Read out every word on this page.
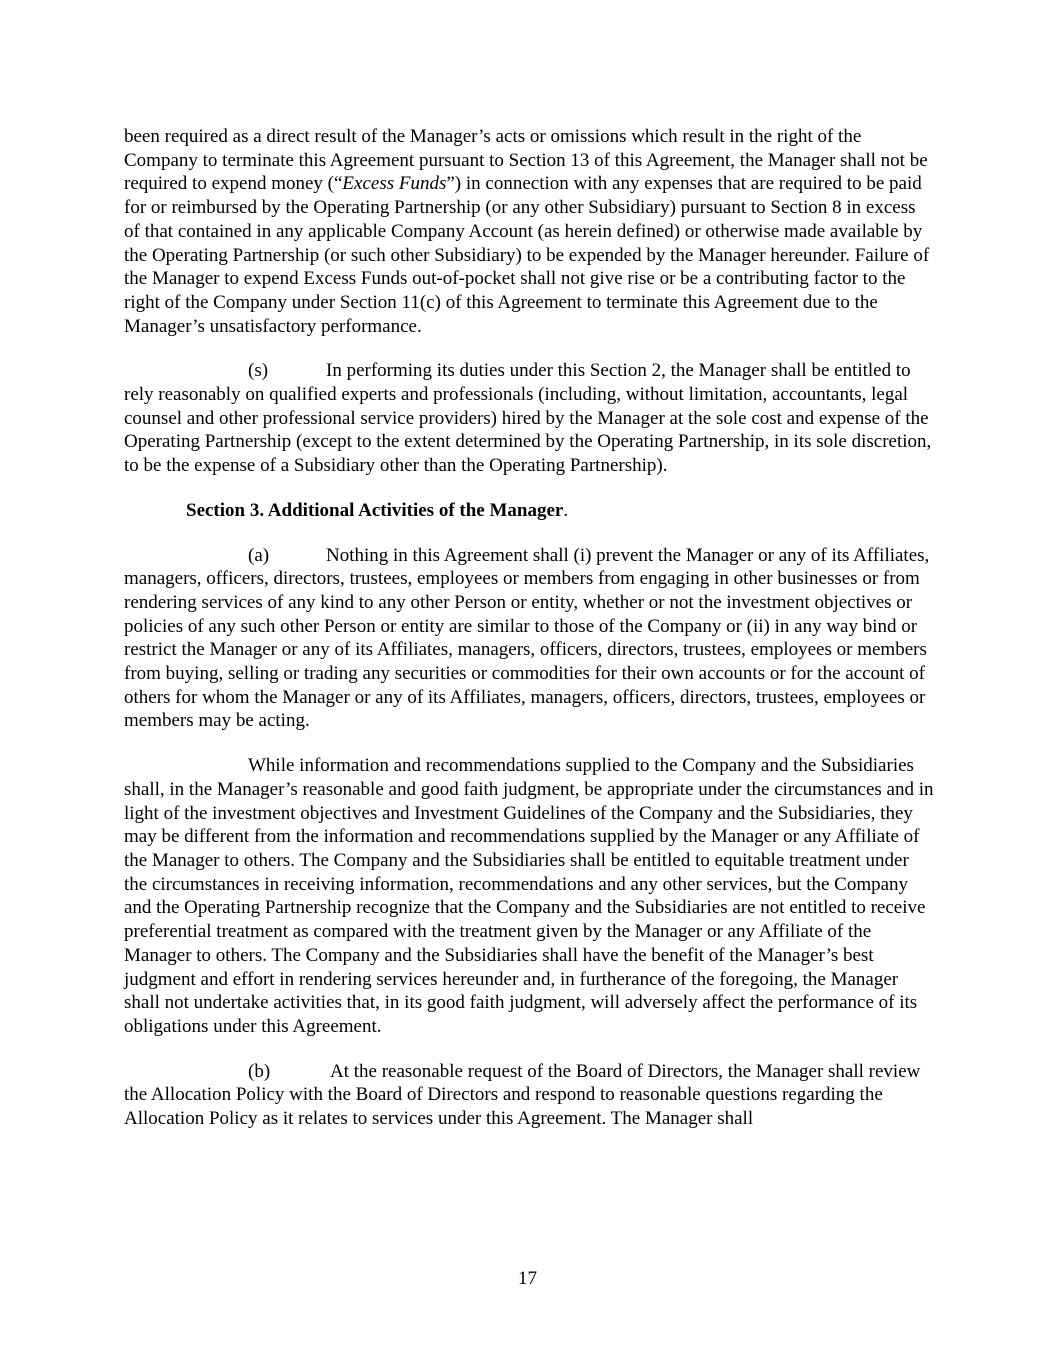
been required as a direct result of the Manager’s acts or omissions which result in the right of the Company to terminate this Agreement pursuant to Section 13 of this Agreement, the Manager shall not be required to expend money (“Excess Funds”) in connection with any expenses that are required to be paid for or reimbursed by the Operating Partnership (or any other Subsidiary) pursuant to Section 8 in excess of that contained in any applicable Company Account (as herein defined) or otherwise made available by the Operating Partnership (or such other Subsidiary) to be expended by the Manager hereunder. Failure of the Manager to expend Excess Funds out-of-pocket shall not give rise or be a contributing factor to the right of the Company under Section 11(c) of this Agreement to terminate this Agreement due to the Manager’s unsatisfactory performance.

(s)	In performing its duties under this Section 2, the Manager shall be entitled to rely reasonably on qualified experts and professionals (including, without limitation, accountants, legal counsel and other professional service providers) hired by the Manager at the sole cost and expense of the Operating Partnership (except to the extent determined by the Operating Partnership, in its sole discretion, to be the expense of a Subsidiary other than the Operating Partnership).

Section 3. Additional Activities of the Manager.

(a)	Nothing in this Agreement shall (i) prevent the Manager or any of its Affiliates, managers, officers, directors, trustees, employees or members from engaging in other businesses or from rendering services of any kind to any other Person or entity, whether or not the investment objectives or policies of any such other Person or entity are similar to those of the Company or (ii) in any way bind or restrict the Manager or any of its Affiliates, managers, officers, directors, trustees, employees or members from buying, selling or trading any securities or commodities for their own accounts or for the account of others for whom the Manager or any of its Affiliates, managers, officers, directors, trustees, employees or members may be acting.

While information and recommendations supplied to the Company and the Subsidiaries shall, in the Manager’s reasonable and good faith judgment, be appropriate under the circumstances and in light of the investment objectives and Investment Guidelines of the Company and the Subsidiaries, they may be different from the information and recommendations supplied by the Manager or any Affiliate of the Manager to others. The Company and the Subsidiaries shall be entitled to equitable treatment under the circumstances in receiving information, recommendations and any other services, but the Company and the Operating Partnership recognize that the Company and the Subsidiaries are not entitled to receive preferential treatment as compared with the treatment given by the Manager or any Affiliate of the Manager to others. The Company and the Subsidiaries shall have the benefit of the Manager’s best judgment and effort in rendering services hereunder and, in furtherance of the foregoing, the Manager shall not undertake activities that, in its good faith judgment, will adversely affect the performance of its obligations under this Agreement.

(b)	At the reasonable request of the Board of Directors, the Manager shall review the Allocation Policy with the Board of Directors and respond to reasonable questions regarding the Allocation Policy as it relates to services under this Agreement. The Manager shall

17
